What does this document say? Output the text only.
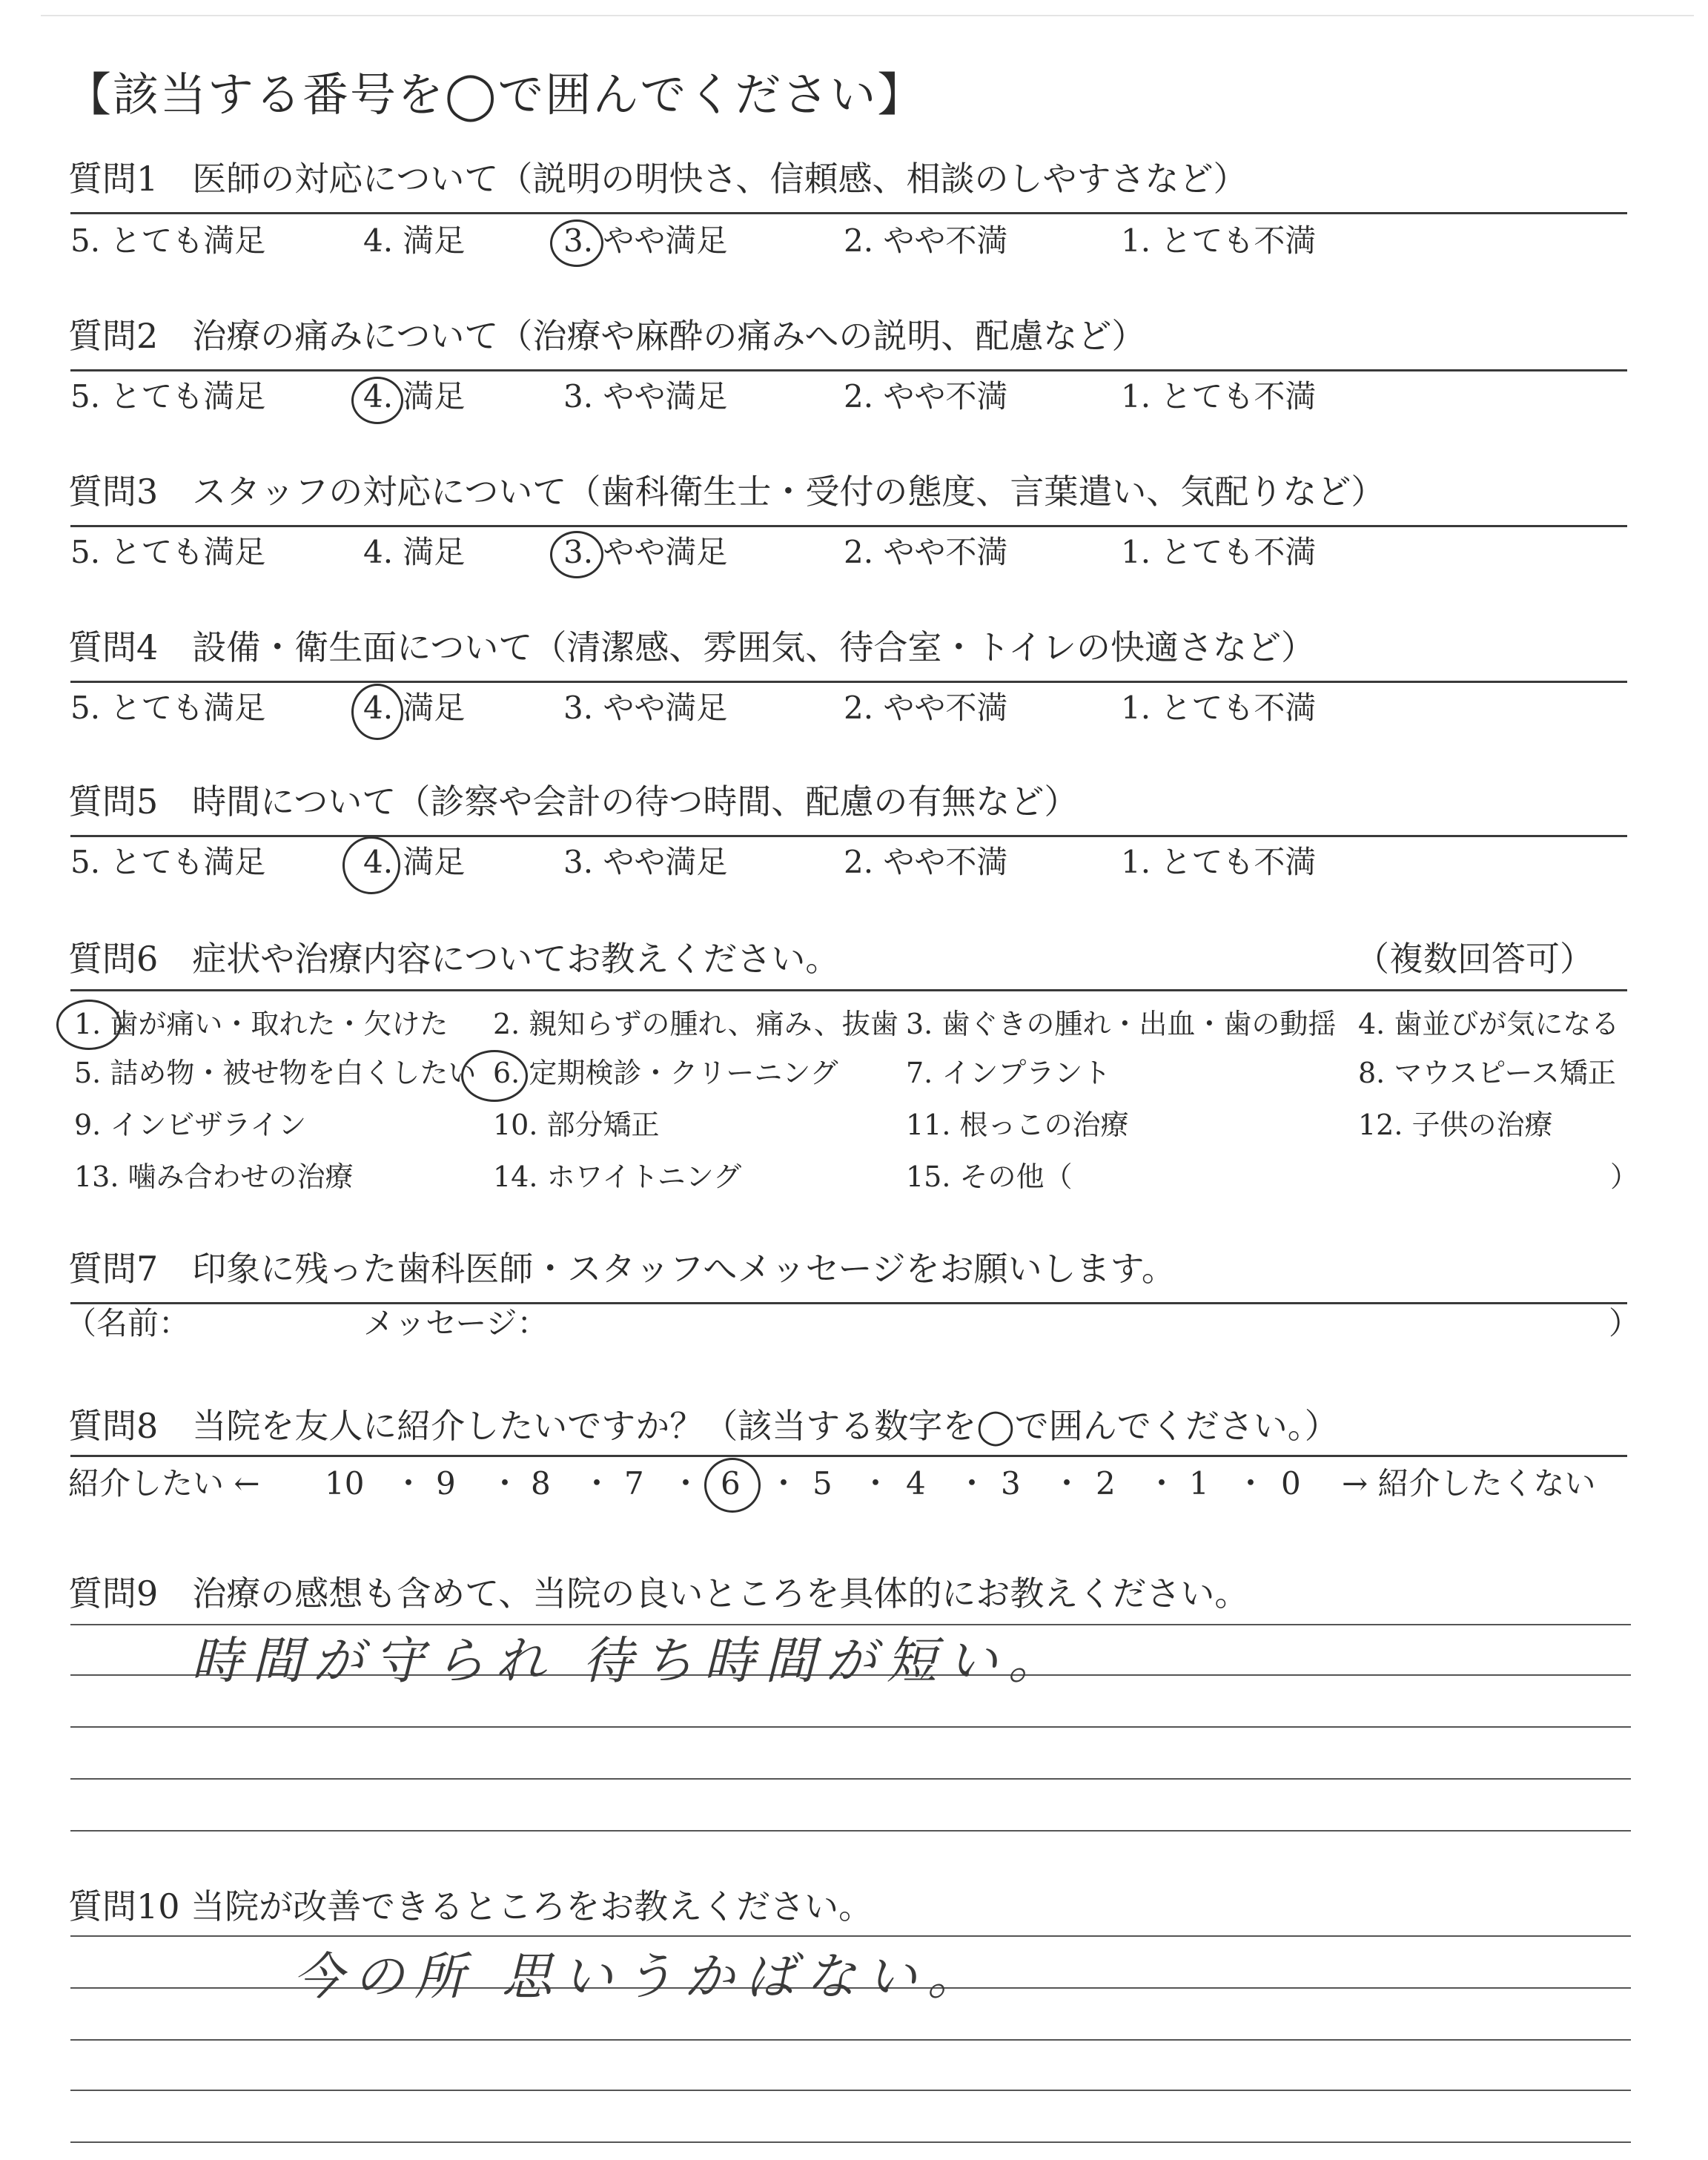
【該当する番号を◯で囲んでください】
質問1　医師の対応について（説明の明快さ、信頼感、相談のしやすさなど）
5. とても満足	4. 満足	3. やや満足	2. やや不満	1. とても不満
質問2　治療の痛みについて（治療や麻酔の痛みへの説明、配慮など）
5. とても満足	4. 満足	3. やや満足	2. やや不満	1. とても不満
質問3　スタッフの対応について（歯科衛生士・受付の態度、言葉遣い、気配りなど）
5. とても満足	4. 満足	3. やや満足	2. やや不満	1. とても不満
質問4　設備・衛生面について（清潔感、雰囲気、待合室・トイレの快適さなど）
5. とても満足	4. 満足	3. やや満足	2. やや不満	1. とても不満
質問5　時間について（診察や会計の待つ時間、配慮の有無など）
5. とても満足	4. 満足	3. やや満足	2. やや不満	1. とても不満
質問6　症状や治療内容についてお教えください。	（複数回答可）
1. 歯が痛い・取れた・欠けた 2. 親知らずの腫れ、痛み、抜歯 3. 歯ぐきの腫れ・出血・歯の動揺 4. 歯並びが気になる
5. 詰め物・被せ物を白くしたい 6. 定期検診・クリーニング 7. インプラント	8. マウスピース矯正
9. インビザライン	10. 部分矯正	11. 根っこの治療	12. 子供の治療
13. 噛み合わせの治療	14. ホワイトニング	15. その他（	）
質問7　印象に残った歯科医師・スタッフへメッセージをお願いします。
（名前：	メッセージ：	）
質問8　当院を友人に紹介したいですか？（該当する数字を◯で囲んでください。）
紹介したい ←	→ 紹介したくない
10 ・ 9 ・ 8 ・ 7 ・ 6 ・ 5 ・ 4 ・ 3 ・ 2 ・ 1 ・ 0
質問9　治療の感想も含めて、当院の良いところを具体的にお教えください。
時間が守られ 待ち時間が短い。
質問10 当院が改善できるところをお教えください。
今の所 思いうかばない。
